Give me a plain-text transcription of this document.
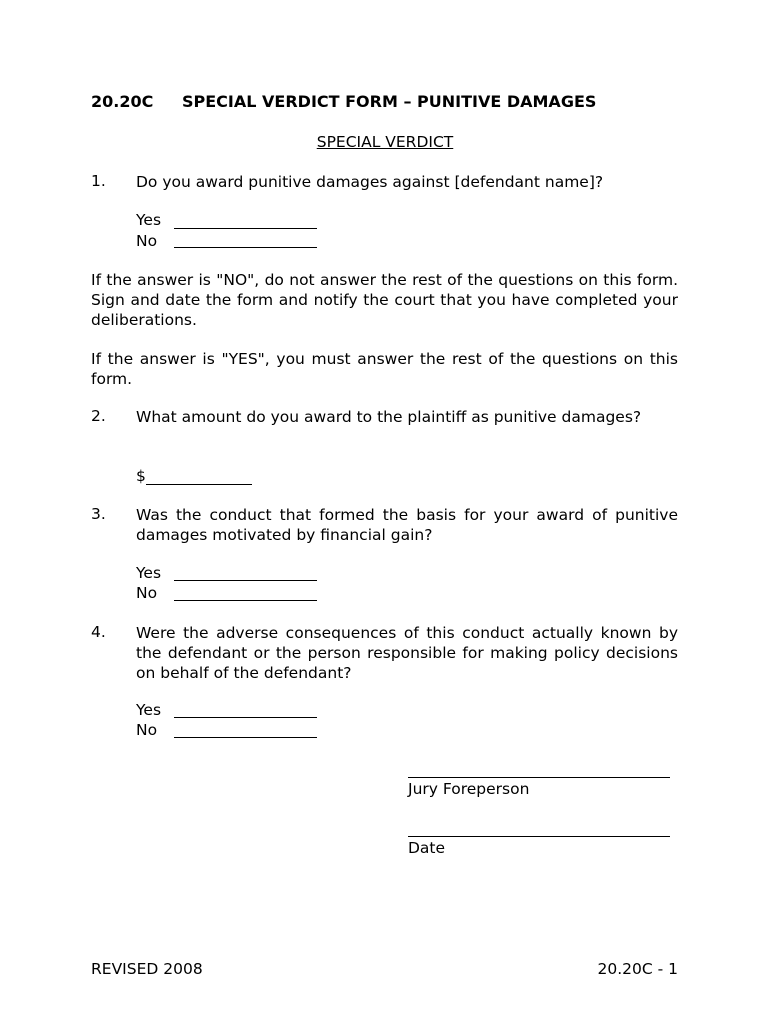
20.20C SPECIAL VERDICT FORM – PUNITIVE DAMAGES
SPECIAL VERDICT
1. Do you award punitive damages against [defendant name]?
Yes
No
If the answer is "NO", do not answer the rest of the questions on this form. Sign and date the form and notify the court that you have completed your deliberations.
If the answer is "YES", you must answer the rest of the questions on this form.
2. What amount do you award to the plaintiff as punitive damages?
$
3. Was the conduct that formed the basis for your award of punitive damages motivated by financial gain?
Yes
No
4. Were the adverse consequences of this conduct actually known by the defendant or the person responsible for making policy decisions on behalf of the defendant?
Yes
No
Jury Foreperson
Date
REVISED 2008	20.20C - 1
